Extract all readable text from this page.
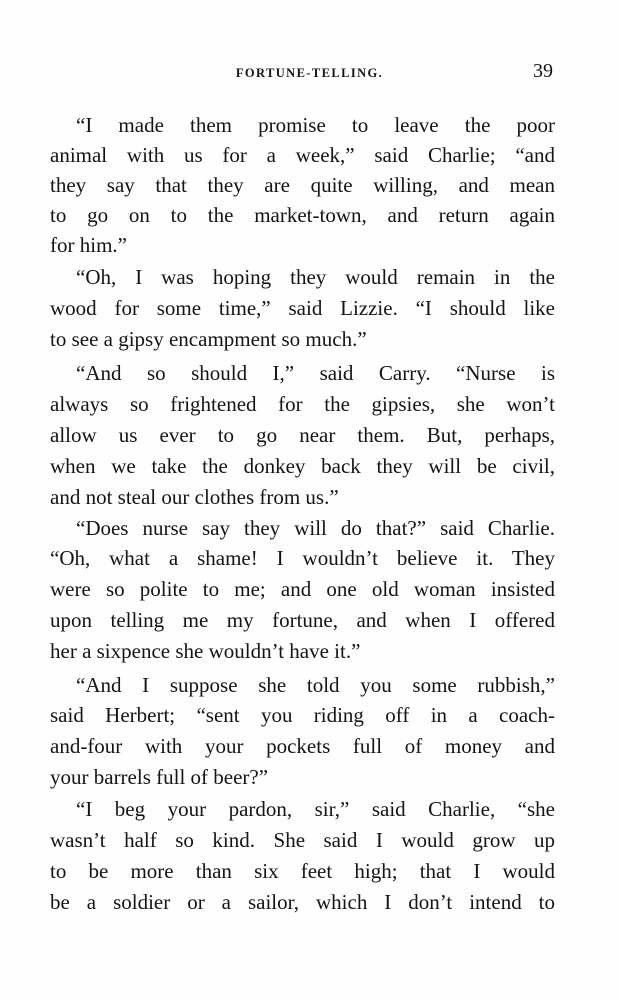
FORTUNE-TELLING.	39
“I made them promise to leave the poor
animal with us for a week,” said Charlie; “and
they say that they are quite willing, and mean
to go on to the market-town, and return again
for him.”
“Oh, I was hoping they would remain in the
wood for some time,” said Lizzie. “I should like
to see a gipsy encampment so much.”
“And so should I,” said Carry. “Nurse is
always so frightened for the gipsies, she won’t
allow us ever to go near them. But, perhaps,
when we take the donkey back they will be civil,
and not steal our clothes from us.”
“Does nurse say they will do that?” said Charlie.
“Oh, what a shame! I wouldn’t believe it. They
were so polite to me; and one old woman insisted
upon telling me my fortune, and when I offered
her a sixpence she wouldn’t have it.”
“And I suppose she told you some rubbish,”
said Herbert; “sent you riding off in a coach-
and-four with your pockets full of money and
your barrels full of beer?”
“I beg your pardon, sir,” said Charlie, “she
wasn’t half so kind. She said I would grow up
to be more than six feet high; that I would
be a soldier or a sailor, which I don’t intend to
